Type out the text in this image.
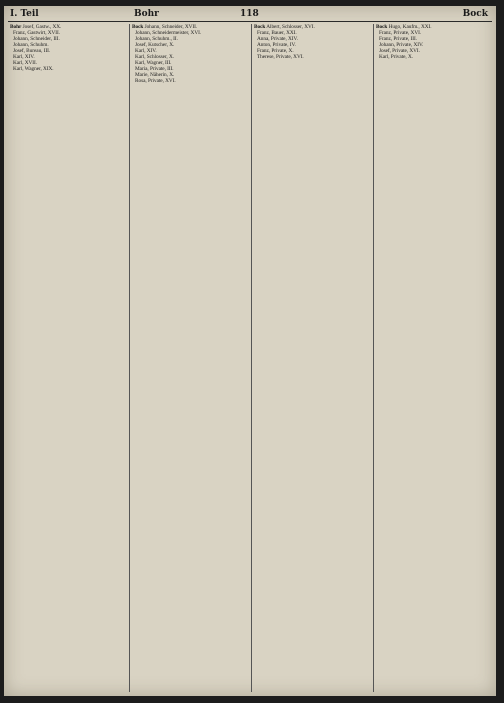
I. Teil	Bohr	118	Bock
Bohr Josef, Gastw., XX.
Franz, Gastwirt, XVII.
Johann, Schneider, III.
Johann, Schuhm.
Josef, Bureau, III.
Karl, XIV.
Karl, XVII.
Karl, Wagner, XIX.
Bock Johann, Schneider, XVII.
Johann, Schneidermeister, XVI.
Johann, Schuhm., II.
Josef, Kutscher, X.
Karl, XIV.
Karl, Schlosser, X.
Karl, Wagner, III.
Maria, Private, III.
Marie, Näherin, X.
Rosa, Private, XVI.
Bock Albert, Schlosser, XVI.
Franz, Bauer, XXI.
Anna, Private, XIV.
Anton, Private, IV.
Franz, Private, X.
Therese, Private, XVI.
Bock Hugo, Kaufm., XXI.
Franz, Private, XVI.
Franz, Private, III.
Johann, Private, XIV.
Josef, Private, XVI.
Karl, Private, X.
